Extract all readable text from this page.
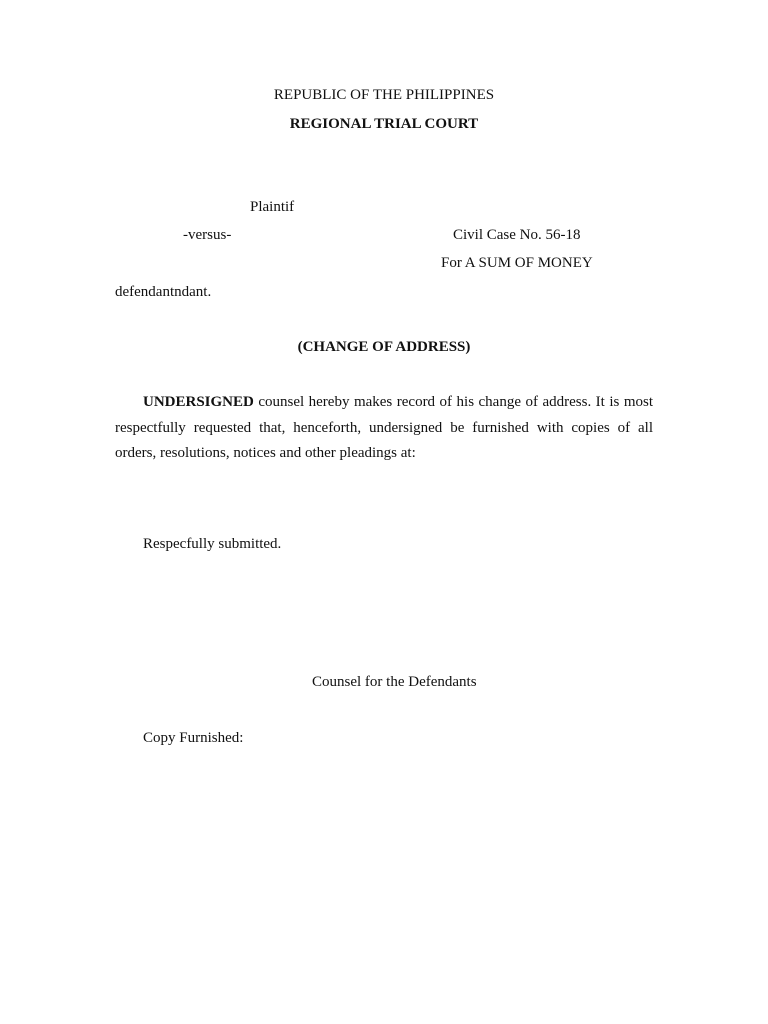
REPUBLIC OF THE PHILIPPINES
REGIONAL TRIAL COURT
Plaintif
-versus-	Civil Case No. 56-18
For A SUM OF MONEY
defendantndant.
(CHANGE OF ADDRESS)
UNDERSIGNED counsel hereby makes record of his change of address. It is most respectfully requested that, henceforth, undersigned be furnished with copies of all orders, resolutions, notices and other pleadings at:
Respecfully submitted.
Counsel for the Defendants
Copy Furnished:
